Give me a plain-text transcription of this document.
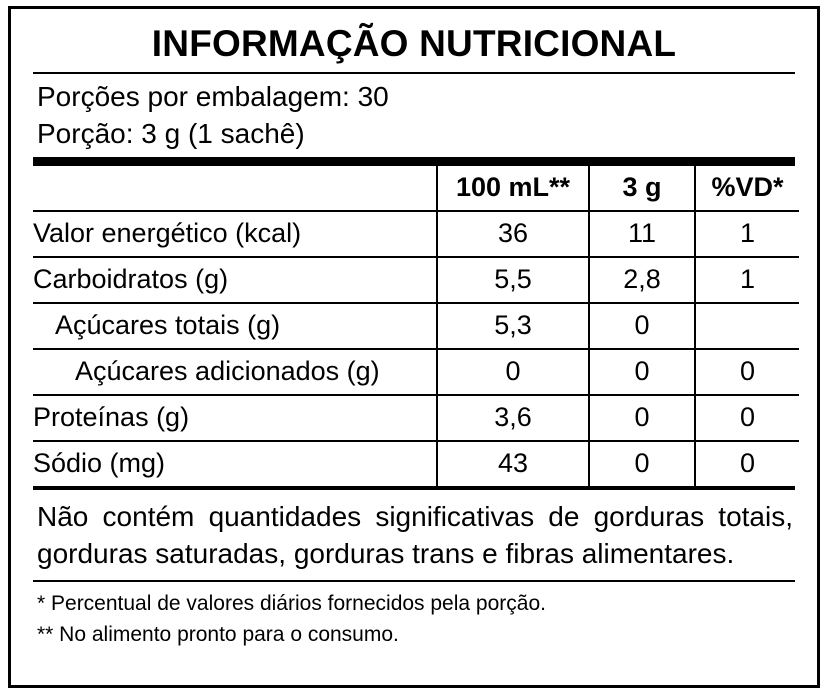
INFORMAÇÃO NUTRICIONAL
Porções por embalagem: 30
Porção: 3 g (1 sachê)
	100 mL**	3 g	%VD*
Valor energético (kcal)	36	11	1
Carboidratos (g)	5,5	2,8	1
Açúcares totais (g)	5,3	0	
Açúcares adicionados (g)	0	0	0
Proteínas (g)	3,6	0	0
Sódio (mg)	43	0	0
Não contém quantidades significativas de gorduras totais, gorduras saturadas, gorduras trans e fibras alimentares.
* Percentual de valores diários fornecidos pela porção.
** No alimento pronto para o consumo.
